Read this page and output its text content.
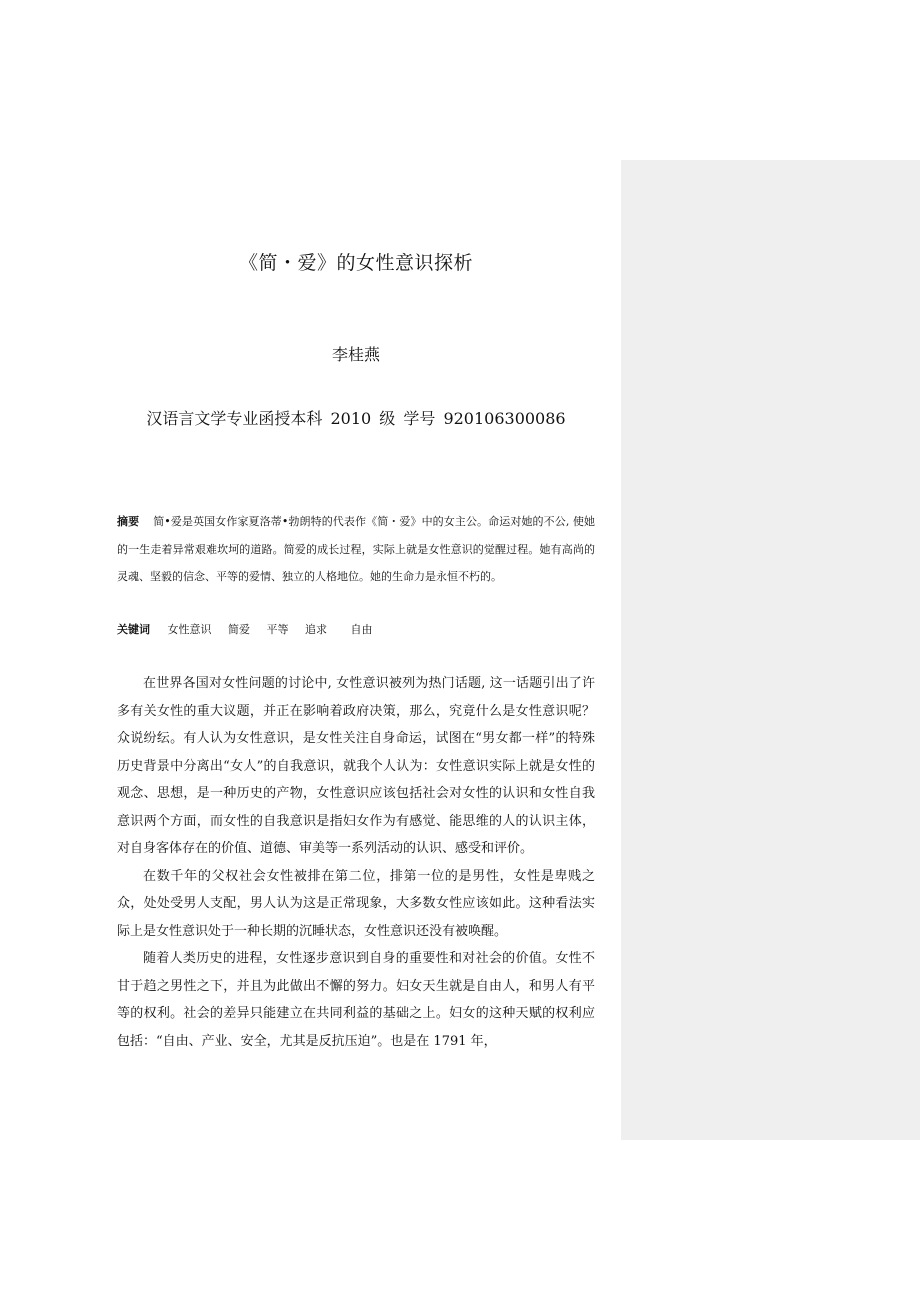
《简・爱》的女性意识探析
李桂燕
汉语言文学专业函授本科 2010 级 学号 920106300086
摘要 简•爱是英国女作家夏洛蒂•勃朗特的代表作《简・爱》中的女主公。命运对她的不公, 使她的一生走着异常艰难坎坷的道路。简爱的成长过程，实际上就是女性意识的觉醒过程。她有高尚的灵魂、坚毅的信念、平等的爱情、独立的人格地位。她的生命力是永恒不朽的。
关键词 女性意识 简爱 平等 追求 自由

在世界各国对女性问题的讨论中, 女性意识被列为热门话题, 这一话题引出了许多有关女性的重大议题，并正在影响着政府决策，那么，究竟什么是女性意识呢？众说纷纭。有人认为女性意识，是女性关注自身命运，试图在“男女都一样”的特殊历史背景中分离出“女人”的自我意识，就我个人认为：女性意识实际上就是女性的观念、思想，是一种历史的产物，女性意识应该包括社会对女性的认识和女性自我意识两个方面，而女性的自我意识是指妇女作为有感觉、能思维的人的认识主体，对自身客体存在的价值、道德、审美等一系列活动的认识、感受和评价。

在数千年的父权社会女性被排在第二位，排第一位的是男性，女性是卑贱之众，处处受男人支配，男人认为这是正常现象，大多数女性应该如此。这种看法实际上是女性意识处于一种长期的沉睡状态，女性意识还没有被唤醒。

随着人类历史的进程，女性逐步意识到自身的重要性和对社会的价值。女性不甘于趋之男性之下，并且为此做出不懈的努力。妇女天生就是自由人，和男人有平等的权利。社会的差异只能建立在共同利益的基础之上。妇女的这种天赋的权利应包括：“自由、产业、安全，尤其是反抗压迫”。也是在 1791 年，
